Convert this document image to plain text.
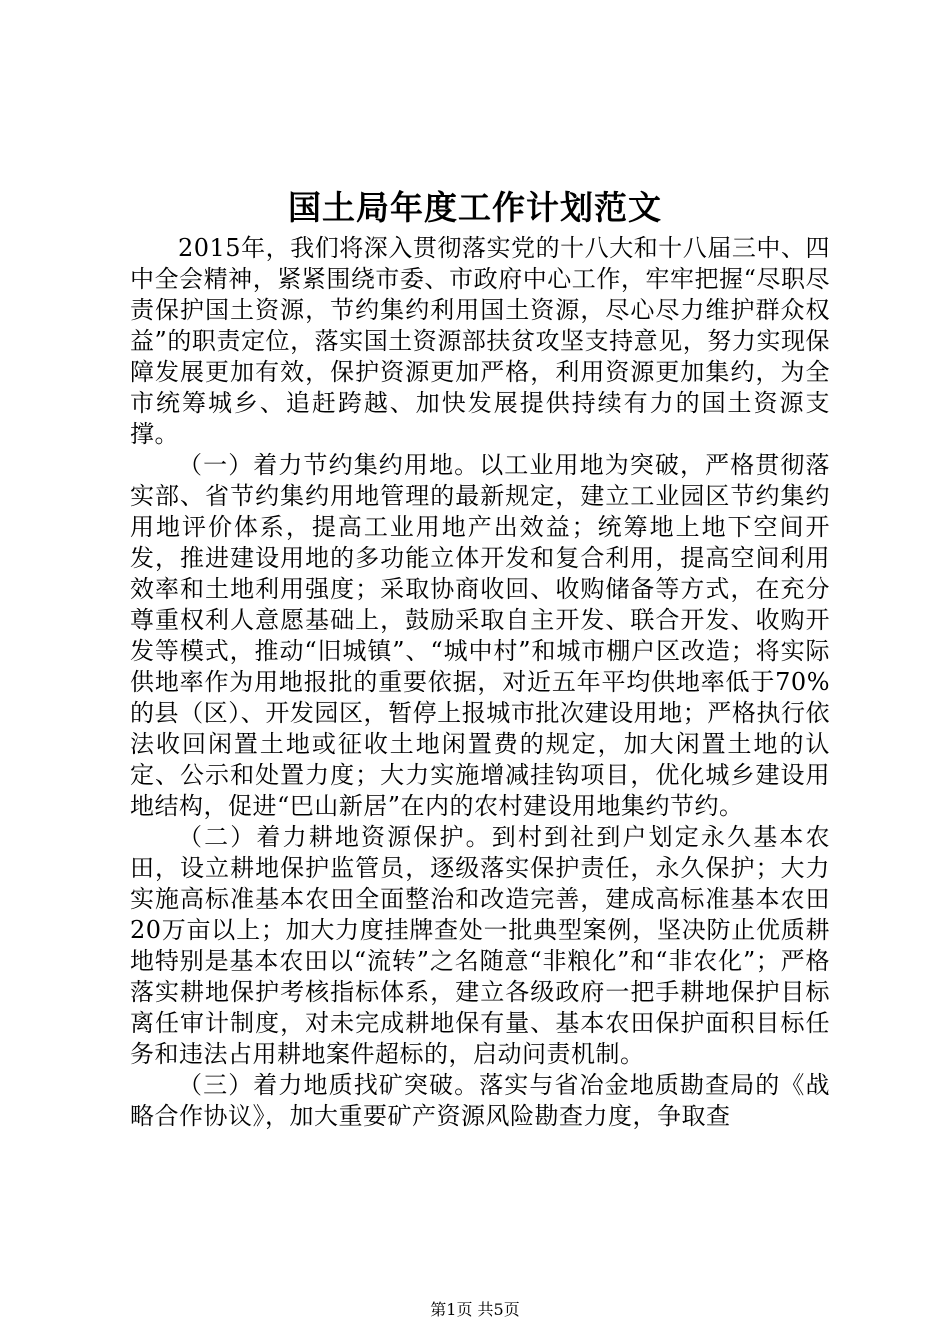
国土局年度工作计划范文

2015年，我们将深入贯彻落实党的十八大和十八届三中、四中全会精神，紧紧围绕市委、市政府中心工作，牢牢把握“尽职尽责保护国土资源，节约集约利用国土资源，尽心尽力维护群众权益”的职责定位，落实国土资源部扶贫攻坚支持意见，努力实现保障发展更加有效，保护资源更加严格，利用资源更加集约，为全市统筹城乡、追赶跨越、加快发展提供持续有力的国土资源支撑。

（一）着力节约集约用地。以工业用地为突破，严格贯彻落实部、省节约集约用地管理的最新规定，建立工业园区节约集约用地评价体系，提高工业用地产出效益；统筹地上地下空间开发，推进建设用地的多功能立体开发和复合利用，提高空间利用效率和土地利用强度；采取协商收回、收购储备等方式，在充分尊重权利人意愿基础上，鼓励采取自主开发、联合开发、收购开发等模式，推动“旧城镇”、“城中村”和城市棚户区改造；将实际供地率作为用地报批的重要依据，对近五年平均供地率低于70%的县（区）、开发园区，暂停上报城市批次建设用地；严格执行依法收回闲置土地或征收土地闲置费的规定，加大闲置土地的认定、公示和处置力度；大力实施增减挂钩项目，优化城乡建设用地结构，促进“巴山新居”在内的农村建设用地集约节约。

（二）着力耕地资源保护。到村到社到户划定永久基本农田，设立耕地保护监管员，逐级落实保护责任，永久保护；大力实施高标准基本农田全面整治和改造完善，建成高标准基本农田20万亩以上；加大力度挂牌查处一批典型案例，坚决防止优质耕地特别是基本农田以“流转”之名随意“非粮化”和“非农化”；严格落实耕地保护考核指标体系，建立各级政府一把手耕地保护目标离任审计制度，对未完成耕地保有量、基本农田保护面积目标任务和违法占用耕地案件超标的，启动问责机制。

（三）着力地质找矿突破。落实与省冶金地质勘查局的《战略合作协议》，加大重要矿产资源风险勘查力度，争取查

第1页 共5页
